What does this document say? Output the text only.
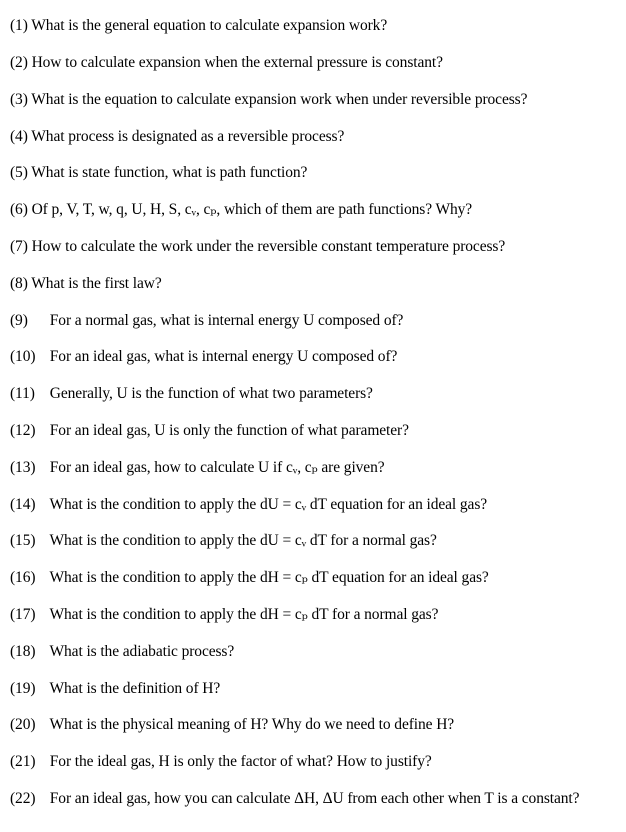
(1) What is the general equation to calculate expansion work?
(2) How to calculate expansion when the external pressure is constant?
(3) What is the equation to calculate expansion work when under reversible process?
(4) What process is designated as a reversible process?
(5) What is state function, what is path function?
(6) Of p, V, T, w, q, U, H, S, cᵥ, cₚ, which of them are path functions? Why?
(7) How to calculate the work under the reversible constant temperature process?
(8) What is the first law?
(9) For a normal gas, what is internal energy U composed of?
(10) For an ideal gas, what is internal energy U composed of?
(11) Generally, U is the function of what two parameters?
(12) For an ideal gas, U is only the function of what parameter?
(13) For an ideal gas, how to calculate U if cᵥ, cₚ are given?
(14) What is the condition to apply the dU = cᵥ dT equation for an ideal gas?
(15) What is the condition to apply the dU = cᵥ dT for a normal gas?
(16) What is the condition to apply the dH = cₚ dT equation for an ideal gas?
(17) What is the condition to apply the dH = cₚ dT for a normal gas?
(18) What is the adiabatic process?
(19) What is the definition of H?
(20) What is the physical meaning of H? Why do we need to define H?
(21) For the ideal gas, H is only the factor of what? How to justify?
(22) For an ideal gas, how you can calculate ΔH, ΔU from each other when T is a constant?
